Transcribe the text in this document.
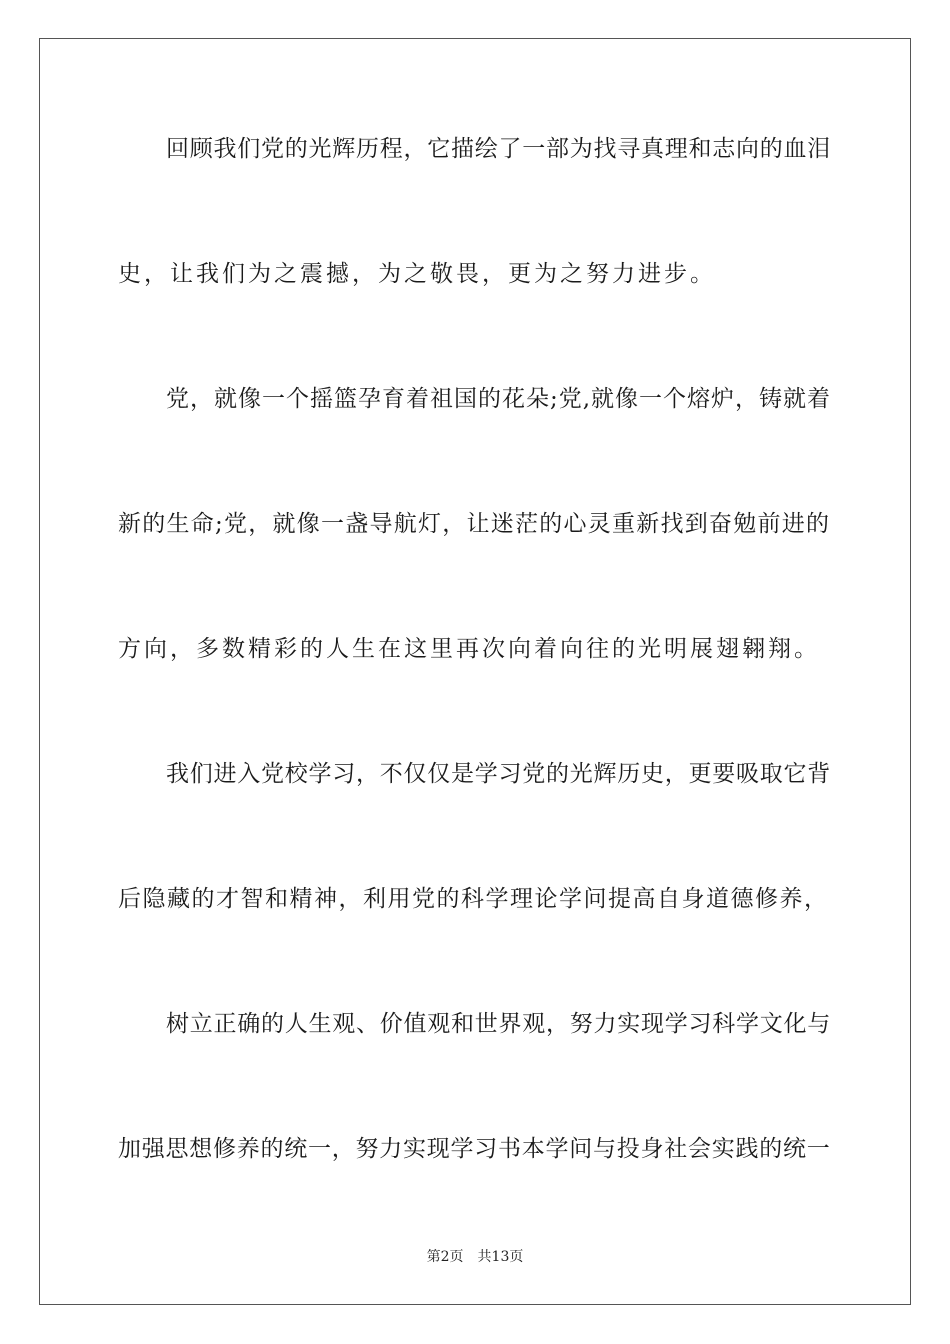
回顾我们党的光辉历程，它描绘了一部为找寻真理和志向的血泪
史，让我们为之震撼，为之敬畏，更为之努力进步。
党，就像一个摇篮孕育着祖国的花朵;党,就像一个熔炉，铸就着
新的生命;党，就像一盏导航灯，让迷茫的心灵重新找到奋勉前进的
方向，多数精彩的人生在这里再次向着向往的光明展翅翱翔。
我们进入党校学习，不仅仅是学习党的光辉历史，更要吸取它背
后隐藏的才智和精神，利用党的科学理论学问提高自身道德修养，
树立正确的人生观、价值观和世界观，努力实现学习科学文化与
加强思想修养的统一，努力实现学习书本学问与投身社会实践的统一
第2页 共13页
